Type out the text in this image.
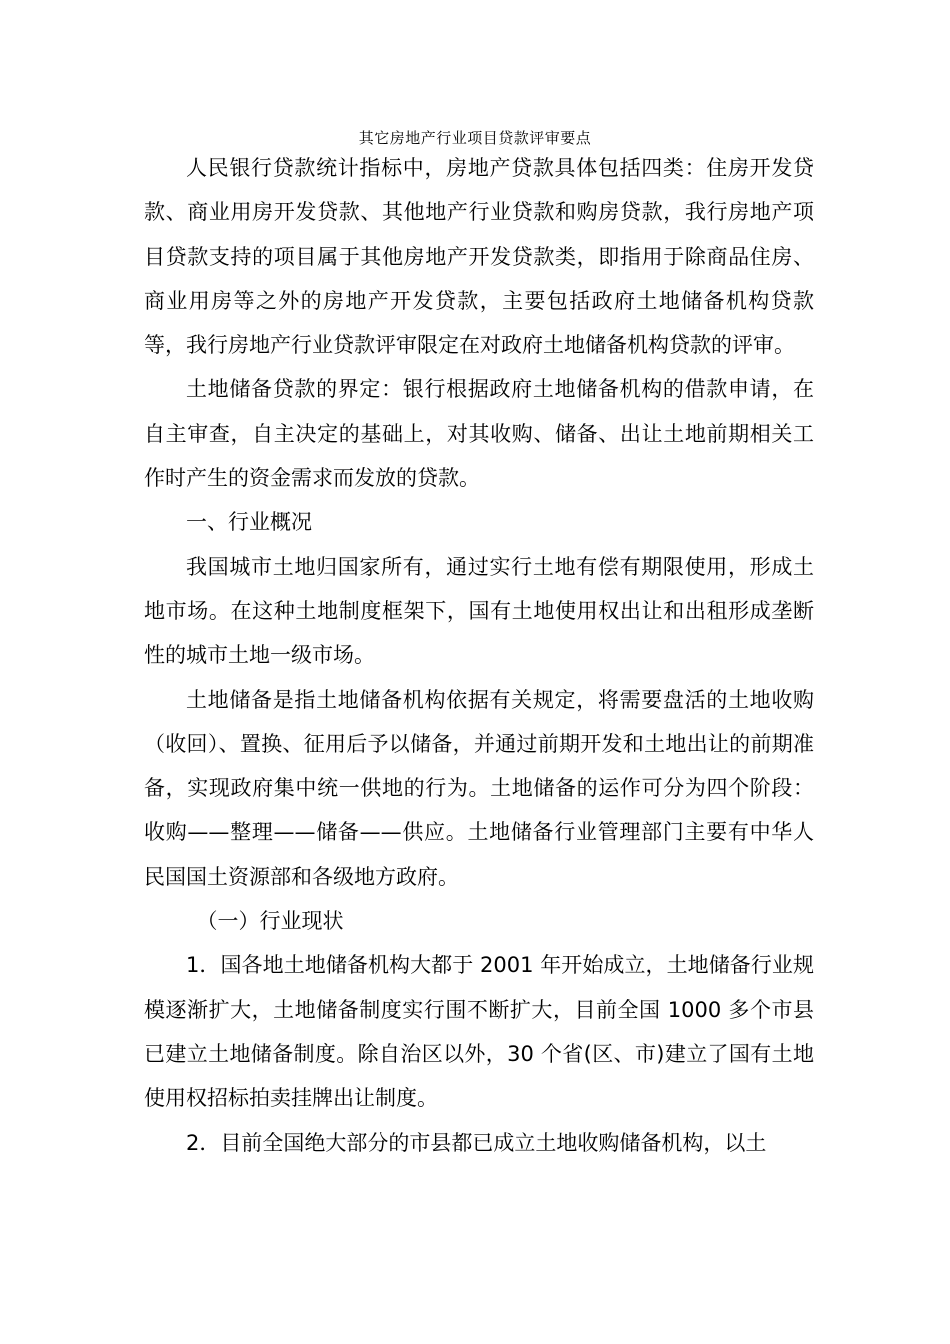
其它房地产行业项目贷款评审要点

人民银行贷款统计指标中，房地产贷款具体包括四类：住房开发贷款、商业用房开发贷款、其他地产行业贷款和购房贷款，我行房地产项目贷款支持的项目属于其他房地产开发贷款类，即指用于除商品住房、商业用房等之外的房地产开发贷款，主要包括政府土地储备机构贷款等，我行房地产行业贷款评审限定在对政府土地储备机构贷款的评审。

土地储备贷款的界定：银行根据政府土地储备机构的借款申请，在自主审查，自主决定的基础上，对其收购、储备、出让土地前期相关工作时产生的资金需求而发放的贷款。

一、行业概况

我国城市土地归国家所有，通过实行土地有偿有期限使用，形成土地市场。在这种土地制度框架下，国有土地使用权出让和出租形成垄断性的城市土地一级市场。

土地储备是指土地储备机构依据有关规定，将需要盘活的土地收购（收回）、置换、征用后予以储备，并通过前期开发和土地出让的前期准备，实现政府集中统一供地的行为。土地储备的运作可分为四个阶段：收购——整理——储备——供应。土地储备行业管理部门主要有中华人民国国土资源部和各级地方政府。

（一）行业现状

1．国各地土地储备机构大都于 2001 年开始成立，土地储备行业规模逐渐扩大，土地储备制度实行围不断扩大，目前全国 1000 多个市县已建立土地储备制度。除自治区以外，30 个省(区、市)建立了国有土地使用权招标拍卖挂牌出让制度。

2．目前全国绝大部分的市县都已成立土地收购储备机构，以土
